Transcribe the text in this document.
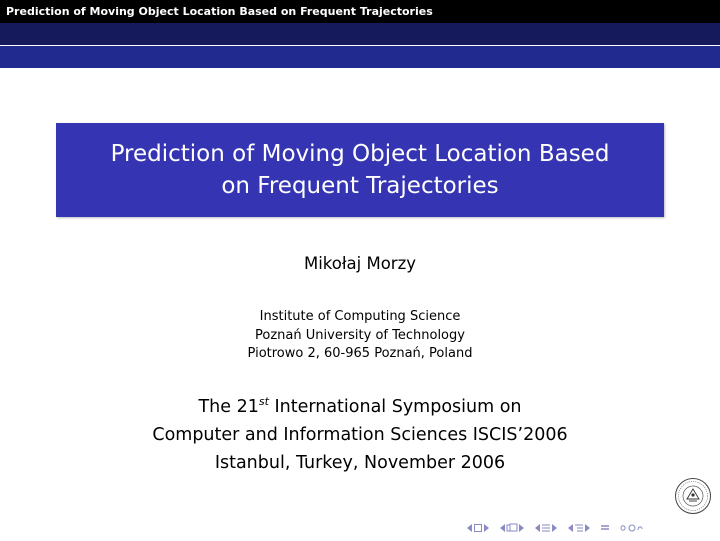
Prediction of Moving Object Location Based on Frequent Trajectories
Prediction of Moving Object Location Based
on Frequent Trajectories
Mikołaj Morzy
Institute of Computing Science
Poznań University of Technology
Piotrowo 2, 60-965 Poznań, Poland
The 21st International Symposium on
Computer and Information Sciences ISCIS’2006
Istanbul, Turkey, November 2006
